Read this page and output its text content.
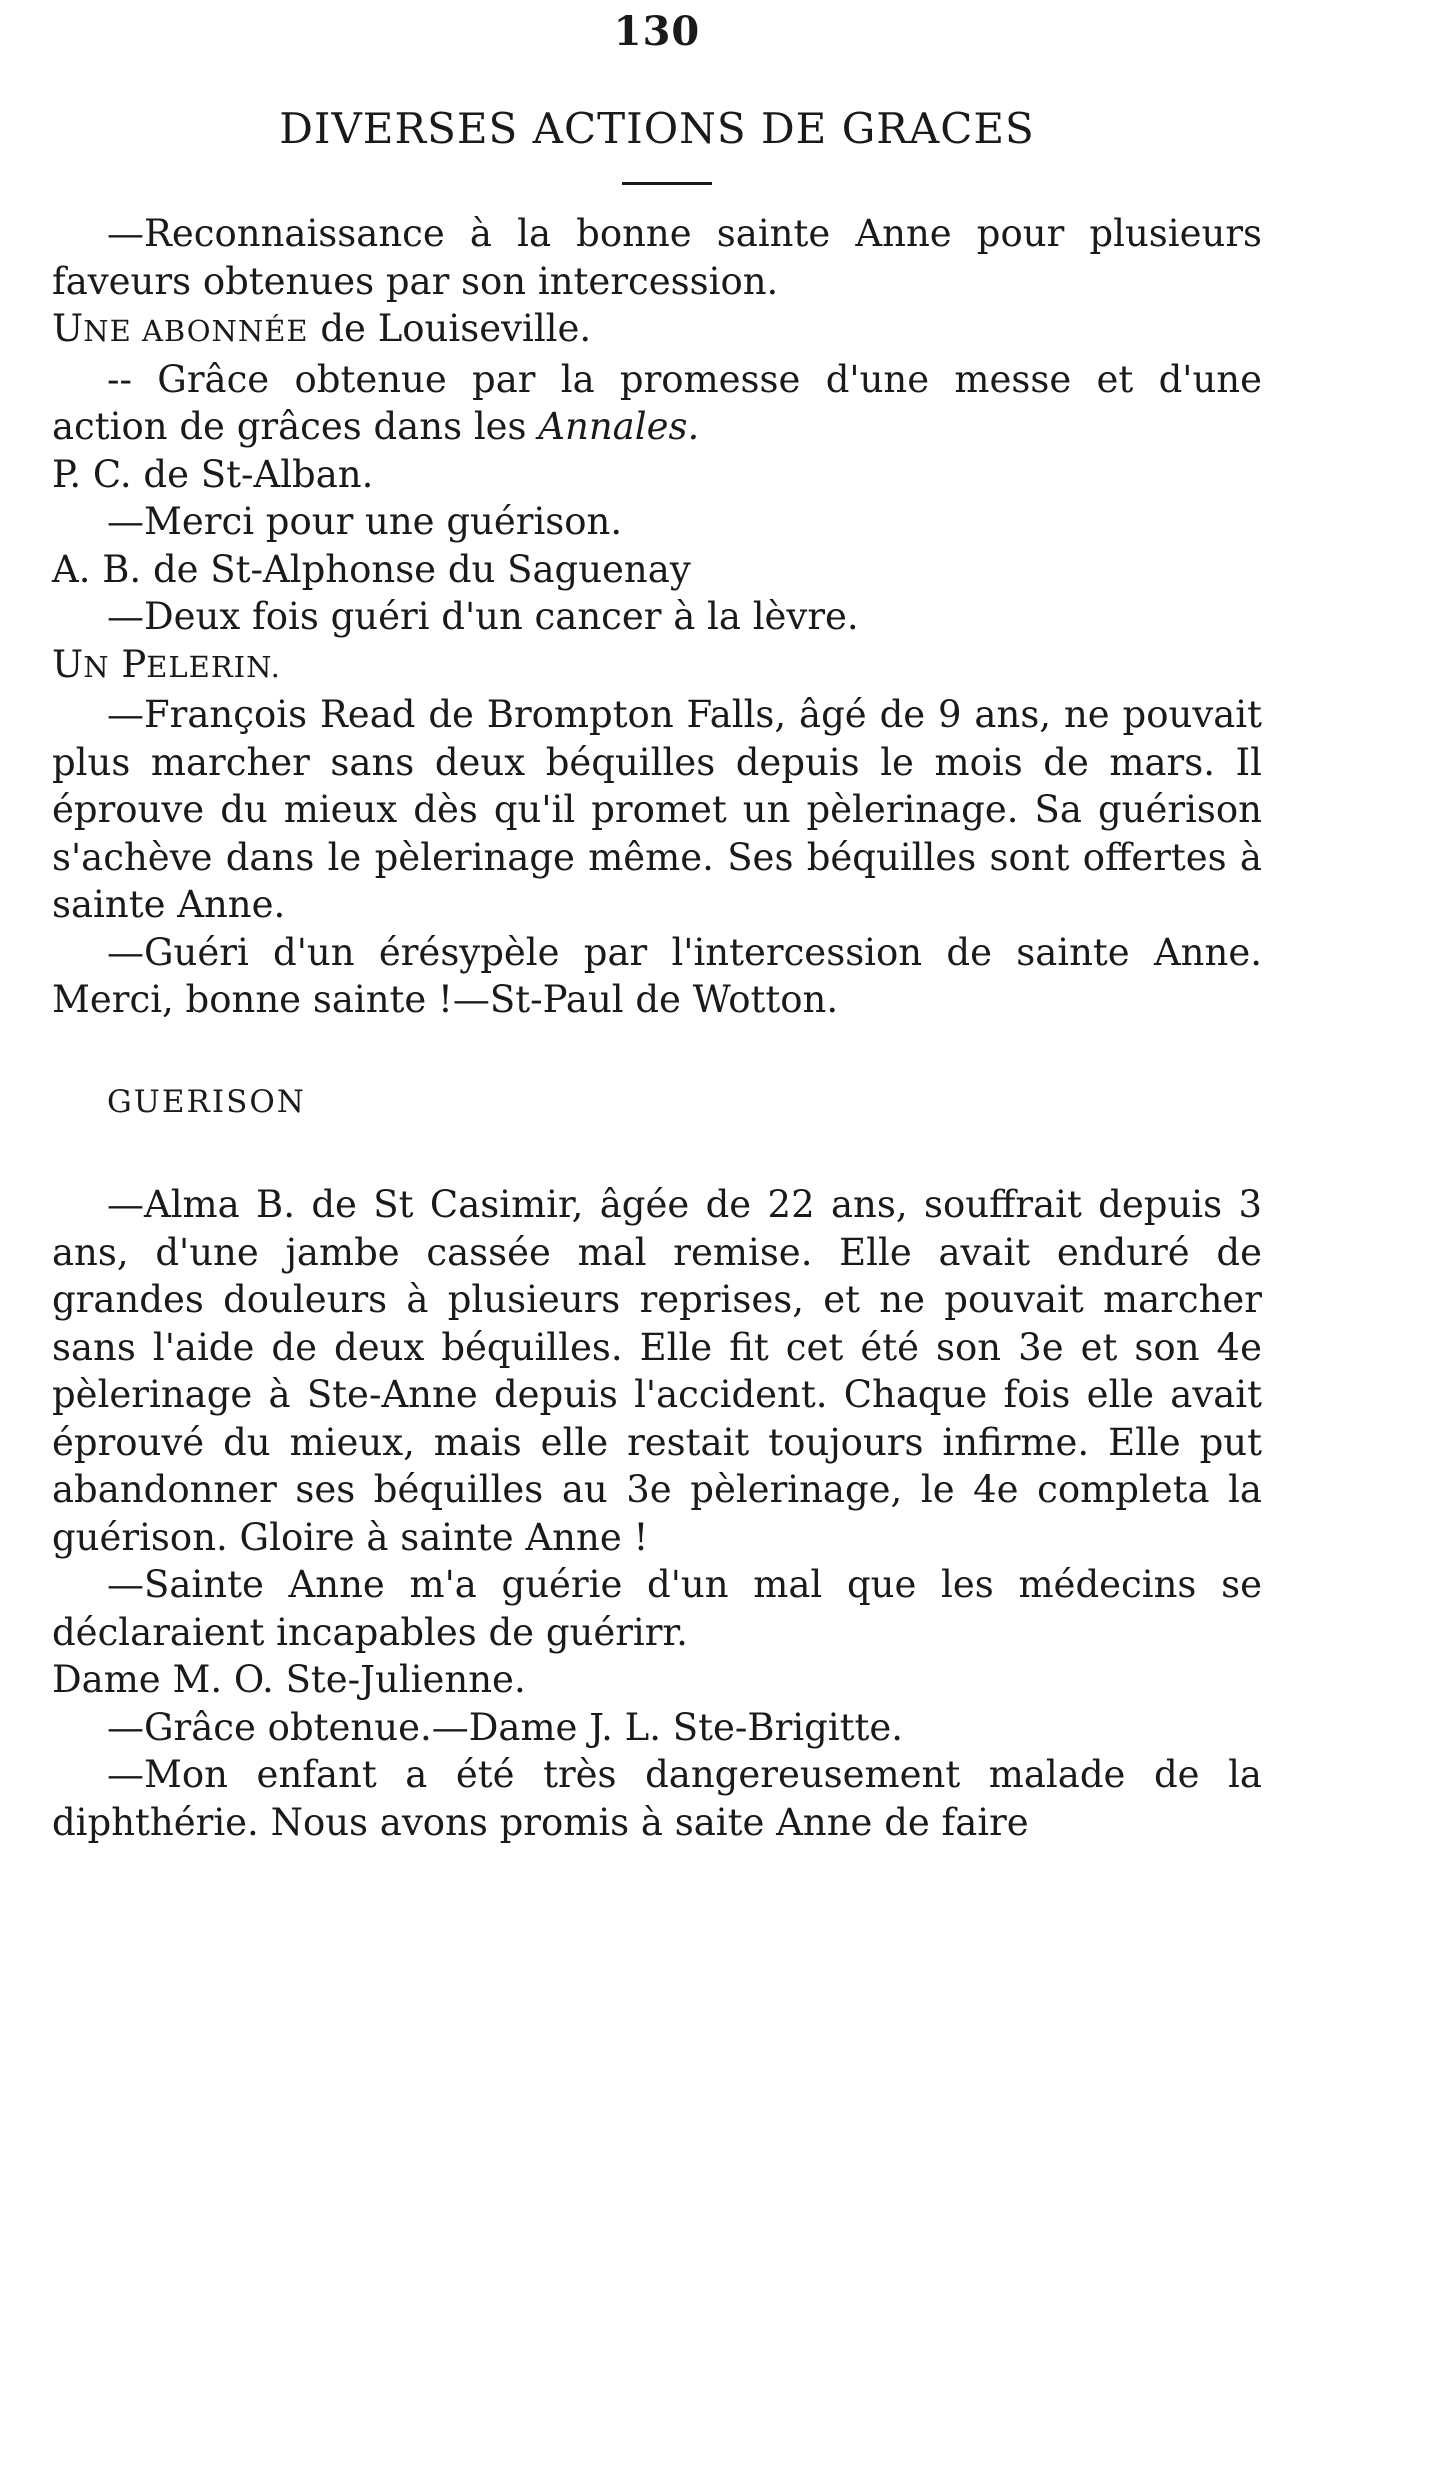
130
DIVERSES ACTIONS DE GRACES

—Reconnaissance à la bonne sainte Anne pour plusieurs faveurs obtenues par son intercession.

UNE ABONNÉE de Louiseville.

-- Grâce obtenue par la promesse d'une messe et d'une action de grâces dans les Annales.

P. C. de St-Alban.

—Merci pour une guérison.

A. B. de St-Alphonse du Saguenay

—Deux fois guéri d'un cancer à la lèvre.

UN PELERIN.

—François Read de Brompton Falls, âgé de 9 ans, ne pouvait plus marcher sans deux béquilles depuis le mois de mars. Il éprouve du mieux dès qu'il promet un pèlerinage. Sa guérison s'achève dans le pèlerinage même. Ses béquilles sont offertes à sainte Anne.

—Guéri d'un érésypèle par l'intercession de sainte Anne. Merci, bonne sainte !—St-Paul de Wotton.

GUERISON

—Alma B. de St Casimir, âgée de 22 ans, souffrait depuis 3 ans, d'une jambe cassée mal remise. Elle avait enduré de grandes douleurs à plusieurs reprises, et ne pouvait marcher sans l'aide de deux béquilles. Elle fit cet été son 3e et son 4e pèlerinage à Ste-Anne depuis l'accident. Chaque fois elle avait éprouvé du mieux, mais elle restait toujours infirme. Elle put abandonner ses béquilles au 3e pèlerinage, le 4e completa la guérison. Gloire à sainte Anne !

—Sainte Anne m'a guérie d'un mal que les médecins se déclaraient incapables de guérirr.

Dame M. O. Ste-Julienne.

—Grâce obtenue.—Dame J. L. Ste-Brigitte.

—Mon enfant a été très dangereusement malade de la diphthérie. Nous avons promis à saite Anne de faire
